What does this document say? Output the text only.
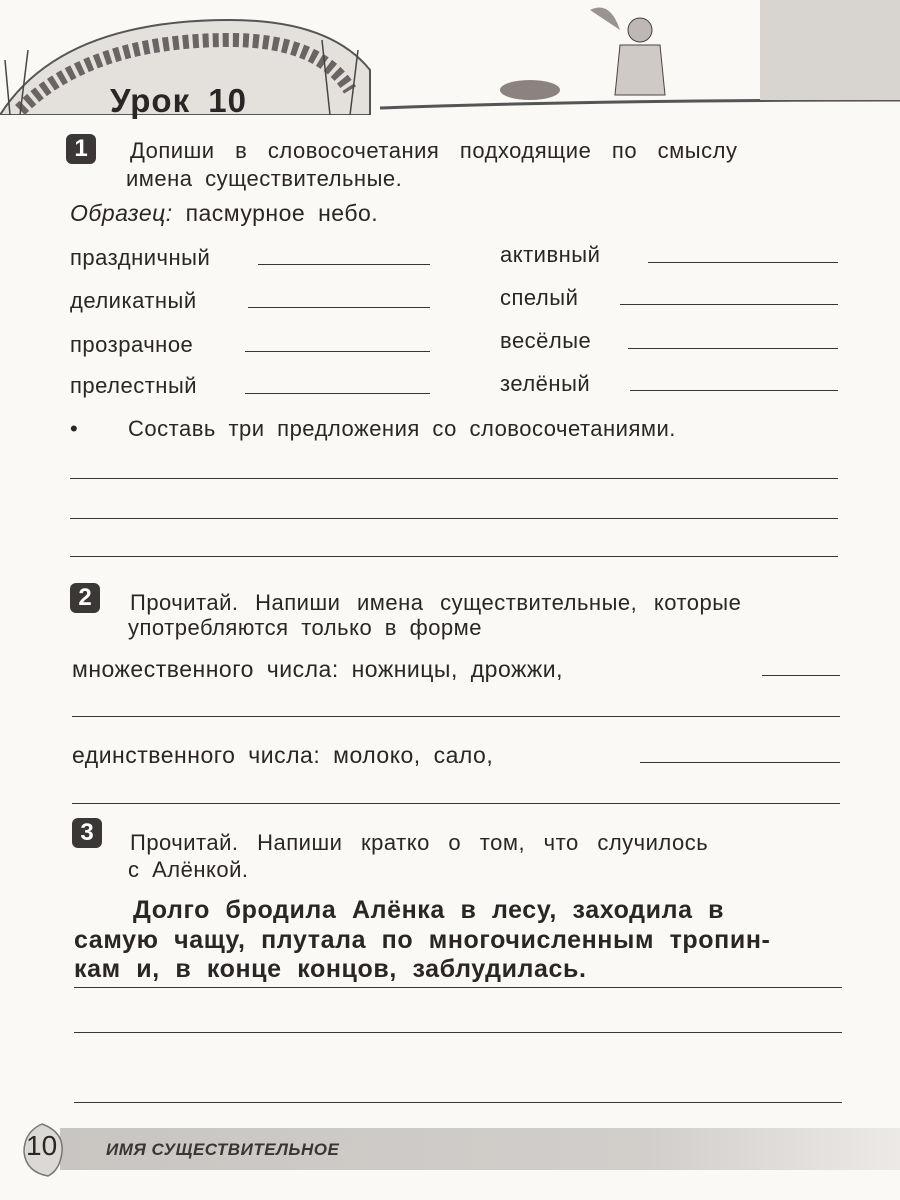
Урок 10
1	Допиши в словосочетания подходящие по смыслу
имена существительные.
Образец: пасмурное небо.
праздничный
деликатный
прозрачное
прелестный
активный
спелый
весёлые
зелёный
• Составь три предложения со словосочетаниями.
2	Прочитай. Напиши имена существительные, которые
употребляются только в форме
множественного числа: ножницы, дрожжи,
единственного числа: молоко, сало,
3	Прочитай. Напиши кратко о том, что случилось
с Алёнкой.
Долго бродила Алёнка в лесу, заходила в
самую чащу, плутала по многочисленным тропин-
кам и, в конце концов, заблудилась.
10	ИМЯ СУЩЕСТВИТЕЛЬНОЕ
